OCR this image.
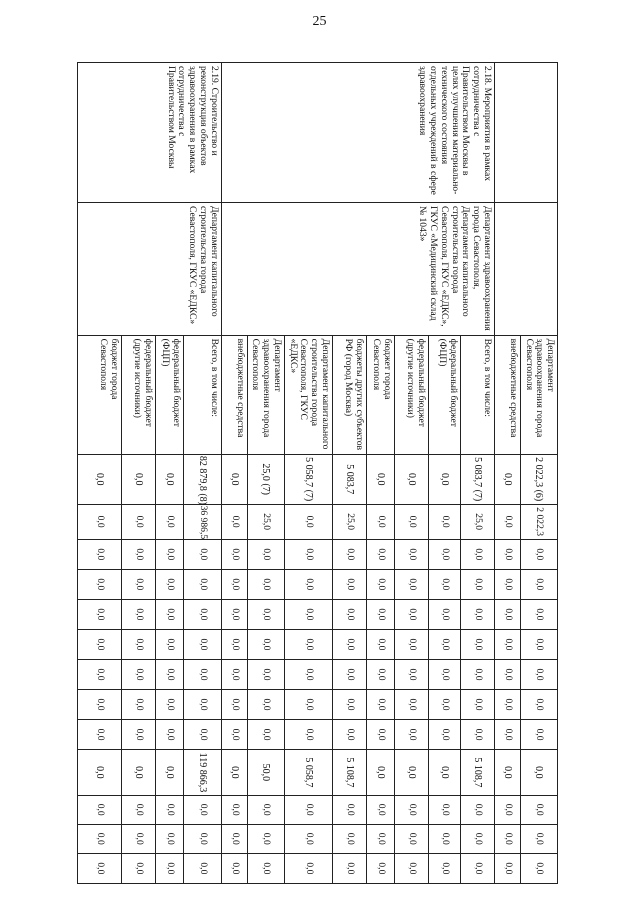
25
		Департамент здравоохранения города Севастополя	2 022,3 (6)	2 022,3	0,0	0,0	0,0	0,0	0,0	0,0	0,0	0,0	0,0	0,0	0,0
		внебюджетные средства	0,0	0,0	0,0	0,0	0,0	0,0	0,0	0,0	0,0	0,0	0,0	0,0	0,0
2.18. Мероприятия в рамках сотрудничества с Правительством Москвы в целях улучшения материально-технического состояния отдельных учреждений в сфере здравоохранения	Департамент здравоохранения города Севастополя, Департамент капитального строительства города Севастополя, ГКУС «ЕДКС», ГКУС «Медицинский склад № 1043»	Всего, в том числе:	5 083,7 (7)	25,0	0,0	0,0	0,0	0,0	0,0	0,0	0,0	5 108,7	0,0	0,0	0,0
		федеральный бюджет (ФЦП)	0,0	0,0	0,0	0,0	0,0	0,0	0,0	0,0	0,0	0,0	0,0	0,0	0,0
		федеральный бюджет (другие источники)	0,0	0,0	0,0	0,0	0,0	0,0	0,0	0,0	0,0	0,0	0,0	0,0	0,0
		бюджет города Севастополя	0,0	0,0	0,0	0,0	0,0	0,0	0,0	0,0	0,0	0,0	0,0	0,0	0,0
		бюджеты других субъектов РФ (город Москва)	5 083,7	25,0	0,0	0,0	0,0	0,0	0,0	0,0	0,0	5 108,7	0,0	0,0	0,0
		Департамент капитального строительства города Севастополя, ГКУС «ЕДКС»	5 058,7 (7)	0,0	0,0	0,0	0,0	0,0	0,0	0,0	0,0	5 058,7	0,0	0,0	0,0
		Департамент здравоохранения города Севастополя	25,0 (7)	25,0	0,0	0,0	0,0	0,0	0,0	0,0	0,0	50,0	0,0	0,0	0,0
		внебюджетные средства	0,0	0,0	0,0	0,0	0,0	0,0	0,0	0,0	0,0	0,0	0,0	0,0	0,0
2.19. Строительство и реконструкция объектов здравоохранения в рамках сотрудничества с Правительством Москвы	Департамент капитального строительства города Севастополя, ГКУС «ЕДКС»	Всего, в том числе:	82 879,8 (8)	36 986,5	0,0	0,0	0,0	0,0	0,0	0,0	0,0	119 866,3	0,0	0,0	0,0
		федеральный бюджет (ФЦП)	0,0	0,0	0,0	0,0	0,0	0,0	0,0	0,0	0,0	0,0	0,0	0,0	0,0
		федеральный бюджет (другие источники)	0,0	0,0	0,0	0,0	0,0	0,0	0,0	0,0	0,0	0,0	0,0	0,0	0,0
		бюджет города Севастополя	0,0	0,0	0,0	0,0	0,0	0,0	0,0	0,0	0,0	0,0	0,0	0,0	0,0
